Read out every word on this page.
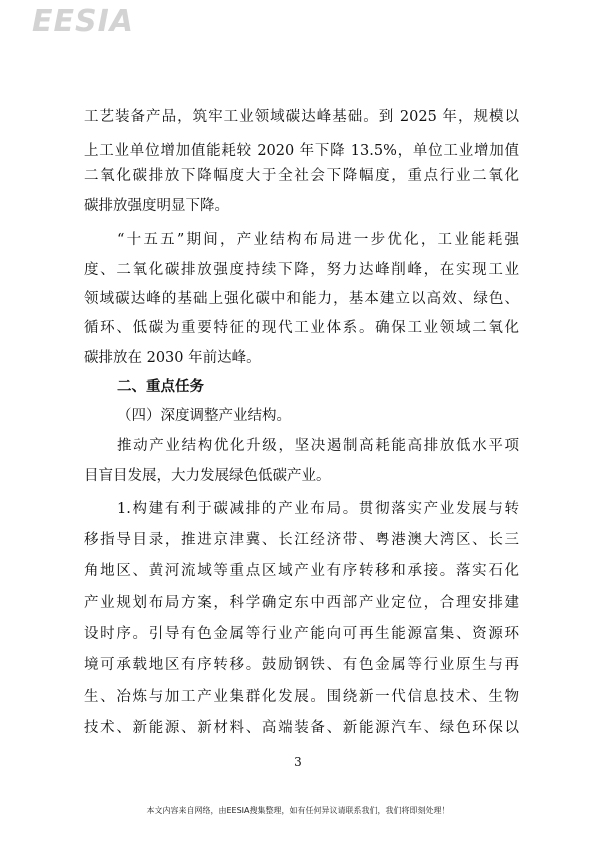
EESIA
工艺装备产品，筑牢工业领域碳达峰基础。到 2025 年，规模以
上工业单位增加值能耗较 2020 年下降 13.5%，单位工业增加值
二氧化碳排放下降幅度大于全社会下降幅度，重点行业二氧化
碳排放强度明显下降。
“十五五”期间，产业结构布局进一步优化，工业能耗强
度、二氧化碳排放强度持续下降，努力达峰削峰，在实现工业
领域碳达峰的基础上强化碳中和能力，基本建立以高效、绿色、
循环、低碳为重要特征的现代工业体系。确保工业领域二氧化
碳排放在 2030 年前达峰。
二、重点任务
（四）深度调整产业结构。
推动产业结构优化升级，坚决遏制高耗能高排放低水平项
目盲目发展，大力发展绿色低碳产业。
1.构建有利于碳减排的产业布局。贯彻落实产业发展与转
移指导目录，推进京津冀、长江经济带、粤港澳大湾区、长三
角地区、黄河流域等重点区域产业有序转移和承接。落实石化
产业规划布局方案，科学确定东中西部产业定位，合理安排建
设时序。引导有色金属等行业产能向可再生能源富集、资源环
境可承载地区有序转移。鼓励钢铁、有色金属等行业原生与再
生、冶炼与加工产业集群化发展。围绕新一代信息技术、生物
技术、新能源、新材料、高端装备、新能源汽车、绿色环保以
3
本文内容来自网络，由EESIA搜集整理，如有任何异议请联系我们，我们将即刻处理！
